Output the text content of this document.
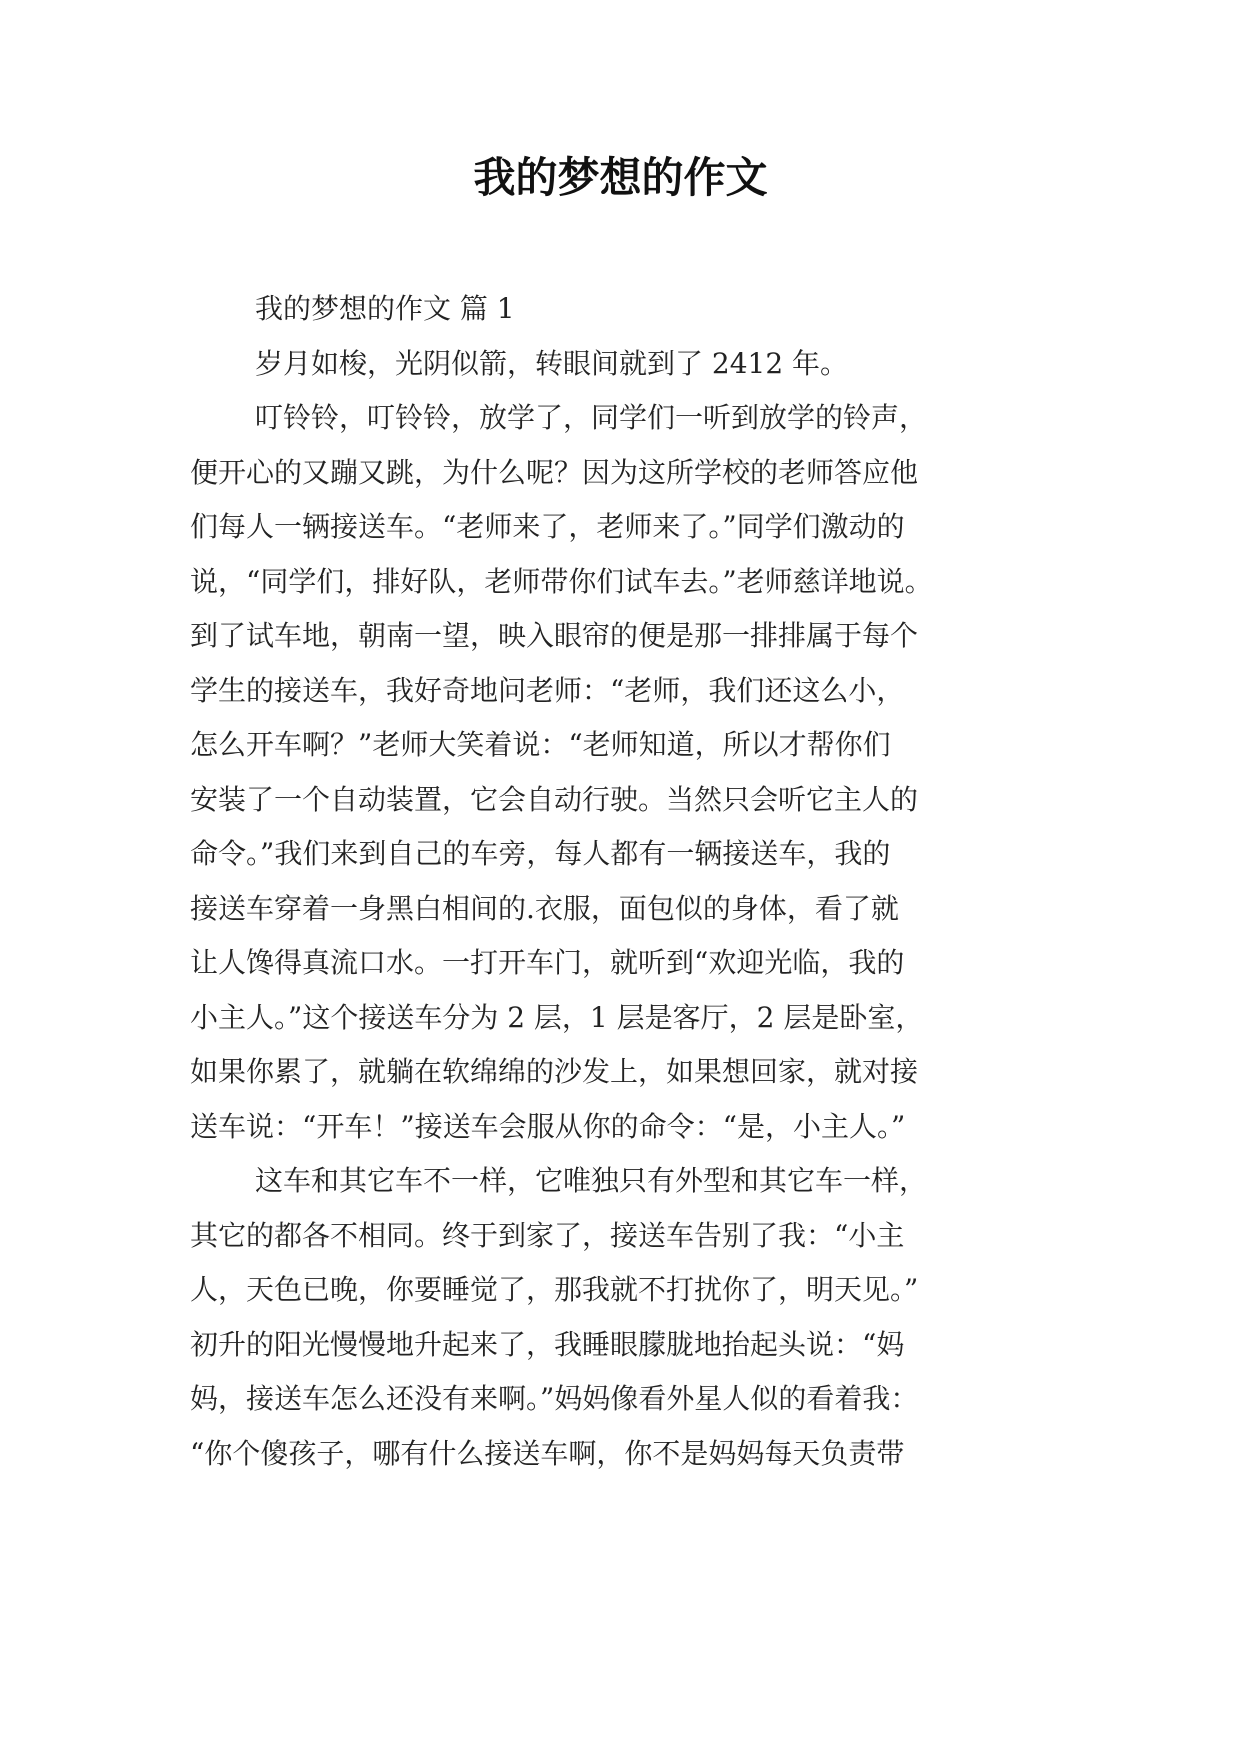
我的梦想的作文

我的梦想的作文 篇 1

岁月如梭，光阴似箭，转眼间就到了 2412 年。

叮铃铃，叮铃铃，放学了，同学们一听到放学的铃声，

便开心的又蹦又跳，为什么呢？因为这所学校的老师答应他

们每人一辆接送车。“老师来了，老师来了。”同学们激动的

说，“同学们，排好队，老师带你们试车去。”老师慈详地说。

到了试车地，朝南一望，映入眼帘的便是那一排排属于每个

学生的接送车，我好奇地问老师：“老师，我们还这么小，

怎么开车啊？”老师大笑着说：“老师知道，所以才帮你们

安装了一个自动装置，它会自动行驶。当然只会听它主人的

命令。”我们来到自己的车旁，每人都有一辆接送车，我的

接送车穿着一身黑白相间的.衣服，面包似的身体，看了就

让人馋得真流口水。一打开车门，就听到“欢迎光临，我的

小主人。”这个接送车分为 2 层，1 层是客厅，2 层是卧室，

如果你累了，就躺在软绵绵的沙发上，如果想回家，就对接

送车说：“开车！”接送车会服从你的命令：“是，小主人。”

这车和其它车不一样，它唯独只有外型和其它车一样，

其它的都各不相同。终于到家了，接送车告别了我：“小主

人，天色已晚，你要睡觉了，那我就不打扰你了，明天见。”

初升的阳光慢慢地升起来了，我睡眼朦胧地抬起头说：“妈

妈，接送车怎么还没有来啊。”妈妈像看外星人似的看着我：

“你个傻孩子，哪有什么接送车啊，你不是妈妈每天负责带
